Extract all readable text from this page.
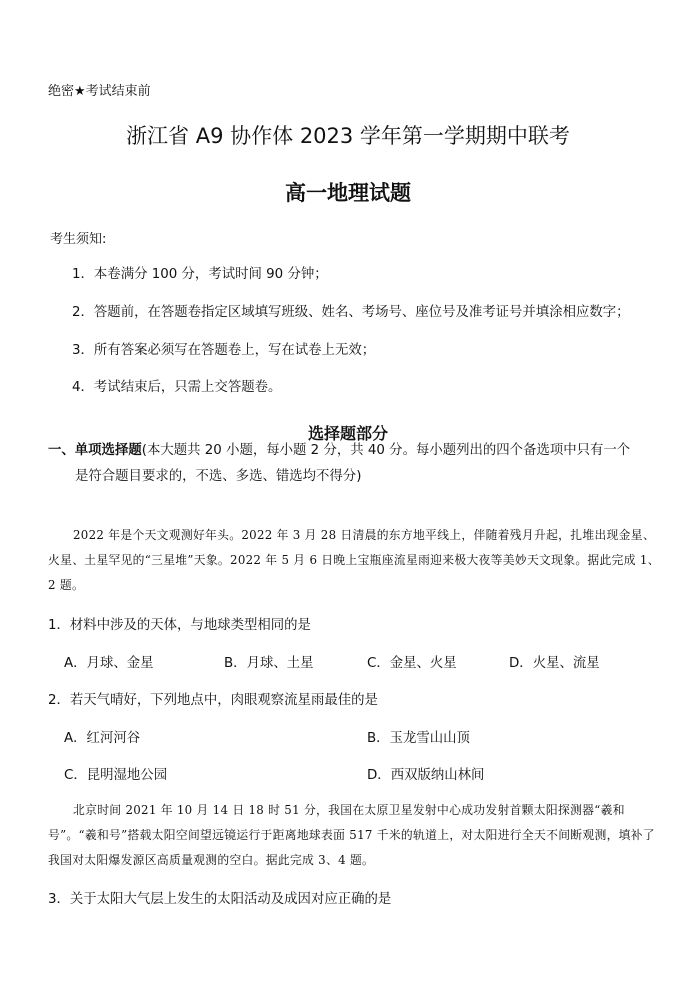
绝密★考试结束前
浙江省 A9 协作体 2023 学年第一学期期中联考
高一地理试题
考生须知:
1．本卷满分 100 分，考试时间 90 分钟；
2．答题前，在答题卷指定区域填写班级、姓名、考场号、座位号及准考证号并填涂相应数字；
3．所有答案必须写在答题卷上，写在试卷上无效；
4．考试结束后，只需上交答题卷。
选择题部分
一、单项选择题(本大题共 20 小题，每小题 2 分，共 40 分。每小题列出的四个备选项中只有一个
是符合题目要求的，不选、多选、错选均不得分)
2022 年是个天文观测好年头。2022 年 3 月 28 日清晨的东方地平线上，伴随着残月升起，扎堆出现金星、火星、土星罕见的“三星堆”天象。2022 年 5 月 6 日晚上宝瓶座流星雨迎来极大夜等美妙天文现象。据此完成 1、2 题。
1．材料中涉及的天体，与地球类型相同的是
A．月球、金星	B．月球、土星	C．金星、火星	D．火星、流星
2．若天气晴好，下列地点中，肉眼观察流星雨最佳的是
A．红河河谷	B．玉龙雪山山顶
C．昆明湿地公园	D．西双版纳山林间
北京时间 2021 年 10 月 14 日 18 时 51 分，我国在太原卫星发射中心成功发射首颗太阳探测器“羲和号”。“羲和号”搭载太阳空间望远镜运行于距离地球表面 517 千米的轨道上，对太阳进行全天不间断观测，填补了我国对太阳爆发源区高质量观测的空白。据此完成 3、4 题。
3．关于太阳大气层上发生的太阳活动及成因对应正确的是
